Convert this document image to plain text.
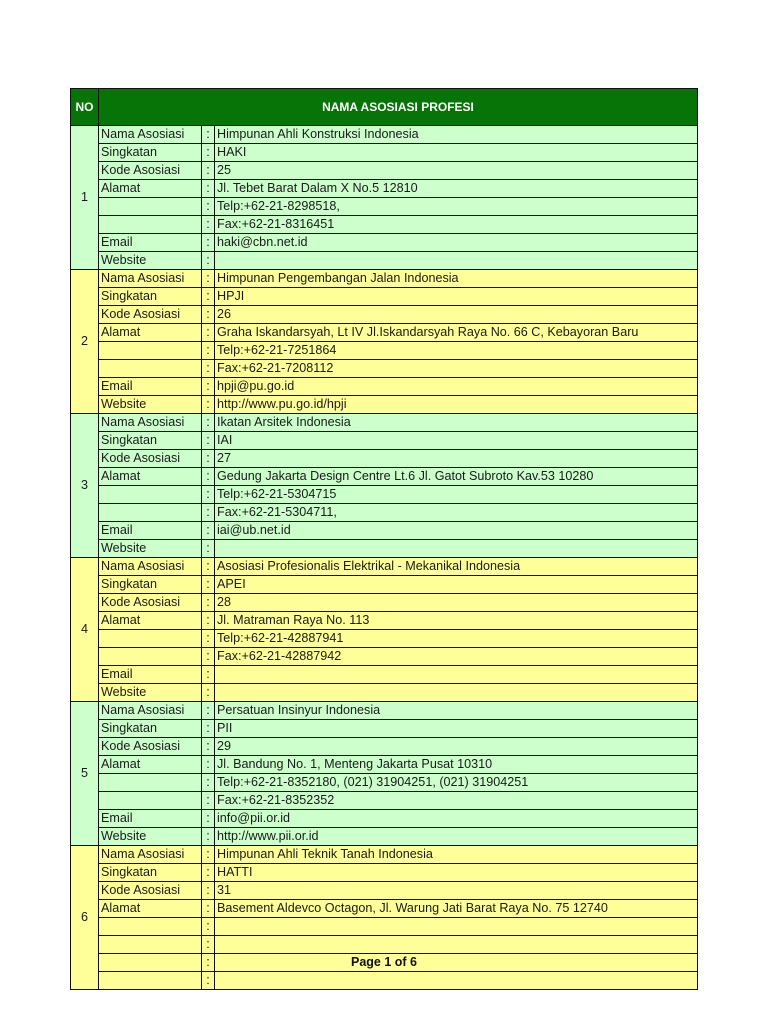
NO	NAMA ASOSIASI PROFESI		
1	Nama Asosiasi	:	Himpunan Ahli Konstruksi Indonesia
	Singkatan	:	HAKI
	Kode Asosiasi	:	25
	Alamat	:	Jl. Tebet Barat Dalam X No.5 12810
		:	Telp:+62-21-8298518,
		:	Fax:+62-21-8316451
	Email	:	haki@cbn.net.id
	Website	:	
2	Nama Asosiasi	:	Himpunan Pengembangan Jalan Indonesia
	Singkatan	:	HPJI
	Kode Asosiasi	:	26
	Alamat	:	Graha Iskandarsyah, Lt IV Jl.Iskandarsyah Raya No. 66 C, Kebayoran Baru
		:	Telp:+62-21-7251864
		:	Fax:+62-21-7208112
	Email	:	hpji@pu.go.id
	Website	:	http://www.pu.go.id/hpji
3	Nama Asosiasi	:	Ikatan Arsitek Indonesia
	Singkatan	:	IAI
	Kode Asosiasi	:	27
	Alamat	:	Gedung Jakarta Design Centre Lt.6 Jl. Gatot Subroto Kav.53 10280
		:	Telp:+62-21-5304715
		:	Fax:+62-21-5304711,
	Email	:	iai@ub.net.id
	Website	:	
4	Nama Asosiasi	:	Asosiasi Profesionalis Elektrikal - Mekanikal Indonesia
	Singkatan	:	APEI
	Kode Asosiasi	:	28
	Alamat	:	Jl. Matraman Raya No. 113
		:	Telp:+62-21-42887941
		:	Fax:+62-21-42887942
	Email	:	
	Website	:	
5	Nama Asosiasi	:	Persatuan Insinyur Indonesia
	Singkatan	:	PII
	Kode Asosiasi	:	29
	Alamat	:	Jl. Bandung No. 1, Menteng Jakarta Pusat 10310
		:	Telp:+62-21-8352180, (021) 31904251, (021) 31904251
		:	Fax:+62-21-8352352
	Email	:	info@pii.or.id
	Website	:	http://www.pii.or.id
6	Nama Asosiasi	:	Himpunan Ahli Teknik Tanah Indonesia
	Singkatan	:	HATTI
	Kode Asosiasi	:	31
	Alamat	:	Basement Aldevco Octagon, Jl. Warung Jati Barat Raya No. 75 12740
		:	
		:	
		:	
		:	
Page 1 of 6
